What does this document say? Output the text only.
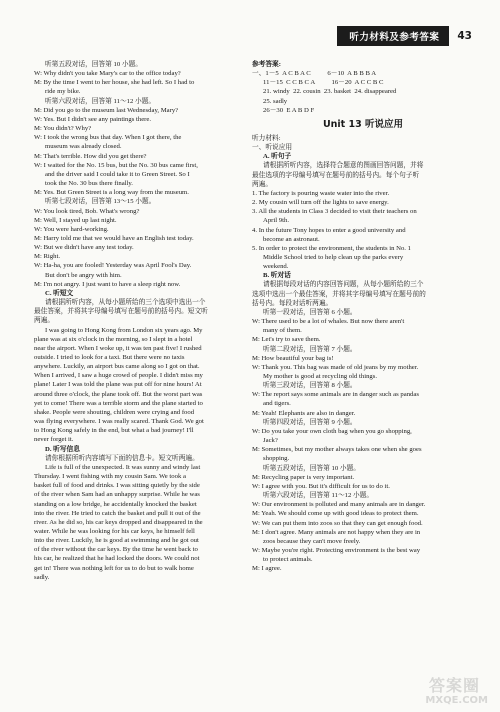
听力材料及参考答案	43
听第五段对话，回答第 10 小题。
W: Why didn't you take Mary's car to the office today?
M: By the time I went to her house, she had left. So I had to
ride my bike.
听第六段对话，回答第 11～12 小题。
M: Did you go to the museum last Wednesday, Mary?
W: Yes. But I didn't see any paintings there.
M: You didn't? Why?
W: I took the wrong bus that day. When I got there, the
museum was already closed.
M: That's terrible. How did you get there?
W: I waited for the No. 15 bus, but the No. 30 bus came first,
and the driver said I could take it to Green Street. So I
took the No. 30 bus there finally.
M: Yes. But Green Street is a long way from the museum.
听第七段对话，回答第 13～15 小题。
W: You look tired, Bob. What's wrong?
M: Well, I stayed up last night.
W: You were hard-working.
M: Harry told me that we would have an English test today.
W: But we didn't have any test today.
M: Right.
W: Ha-ha, you are fooled! Yesterday was April Fool's Day.
But don't be angry with him.
M: I'm not angry. I just want to have a sleep right now.
C. 听短文
请根据所听内容，从每小题所给的三个选项中选出一个
最佳答案，并将其字母编号填写在题号前的括号内。短文听
两遍。
I was going to Hong Kong from London six years ago. My
plane was at six o'clock in the morning, so I slept in a hotel
near the airport. When I woke up, it was ten past five! I rushed
outside. I tried to look for a taxi. But there were no taxis
anywhere. Luckily, an airport bus came along so I got on that.
When I arrived, I saw a huge crowd of people. I didn't miss my
plane! Later I was told the plane was put off for nine hours! At
around three o'clock, the plane took off. But the worst part was
yet to come! There was a terrible storm and the plane started to
shake. People were shouting, children were crying and food
was flying everywhere. I was really scared. Thank God. We got
to Hong Kong safely in the end, but what a bad journey! I'll
never forget it.
D. 听写信息
请你根据所听内容填写下面的信息卡。短文听两遍。
Life is full of the unexpected. It was sunny and windy last
Thursday. I went fishing with my cousin Sam. We took a
basket full of food and drinks. I was sitting quietly by the side
of the river when Sam had an unhappy surprise. While he was
standing on a low bridge, he accidentally knocked the basket
into the river. He tried to catch the basket and pull it out of the
river. As he did so, his car keys dropped and disappeared in the
water. While he was looking for his car keys, he himself fell
into the river. Luckily, he is good at swimming and he got out
of the river without the car keys. By the time he went back to
his car, he realized that he had locked the doors. We could not
get in! There was nothing left for us to do but to walk home
sadly.
参考答案:
一、1－5  A C B A C          6－10  A B B B A
11－15  C C B C A          16－20  A C C B C
21. windy  22. cousin  23. basket  24. disappeared
25. sadly
26－30  E A B D F
Unit 13 听说应用
听力材料:
一、听说应用
A. 听句子
请根据所听内容，选择符合题意的图画回答问题，并将
最佳选项的字母编号填写在题号前的括号内。每个句子听
两遍。
1. The factory is pouring waste water into the river.
2. My cousin will turn off the lights to save energy.
3. All the students in Class 3 decided to visit their teachers on
April 9th.
4. In the future Tony hopes to enter a good university and
become an astronaut.
5. In order to protect the environment, the students in No. 1
Middle School tried to help clean up the parks every
weekend.
B. 听对话
请根据每段对话的内容回答问题，从每小题所给的三个
选项中选出一个最佳答案，并将其字母编号填写在题号前的
括号内。每段对话听两遍。
听第一段对话，回答第 6 小题。
W: There used to be a lot of whales. But now there aren't
many of them.
M: Let's try to save them.
听第二段对话，回答第 7 小题。
M: How beautiful your bag is!
W: Thank you. This bag was made of old jeans by my mother.
My mother is good at recycling old things.
听第三段对话，回答第 8 小题。
W: The report says some animals are in danger such as pandas
and tigers.
M: Yeah! Elephants are also in danger.
听第四段对话，回答第 9 小题。
W: Do you take your own cloth bag when you go shopping,
Jack?
M: Sometimes, but my mother always takes one when she goes
shopping.
听第五段对话，回答第 10 小题。
M: Recycling paper is very important.
W: I agree with you. But it's difficult for us to do it.
听第六段对话，回答第 11～12 小题。
W: Our environment is polluted and many animals are in danger.
M: Yeah. We should come up with good ideas to protect them.
W: We can put them into zoos so that they can get enough food.
M: I don't agree. Many animals are not happy when they are in
zoos because they can't move freely.
W: Maybe you're right. Protecting environment is the best way
to protect animals.
M: I agree.
答案圈
MXQE.COM
